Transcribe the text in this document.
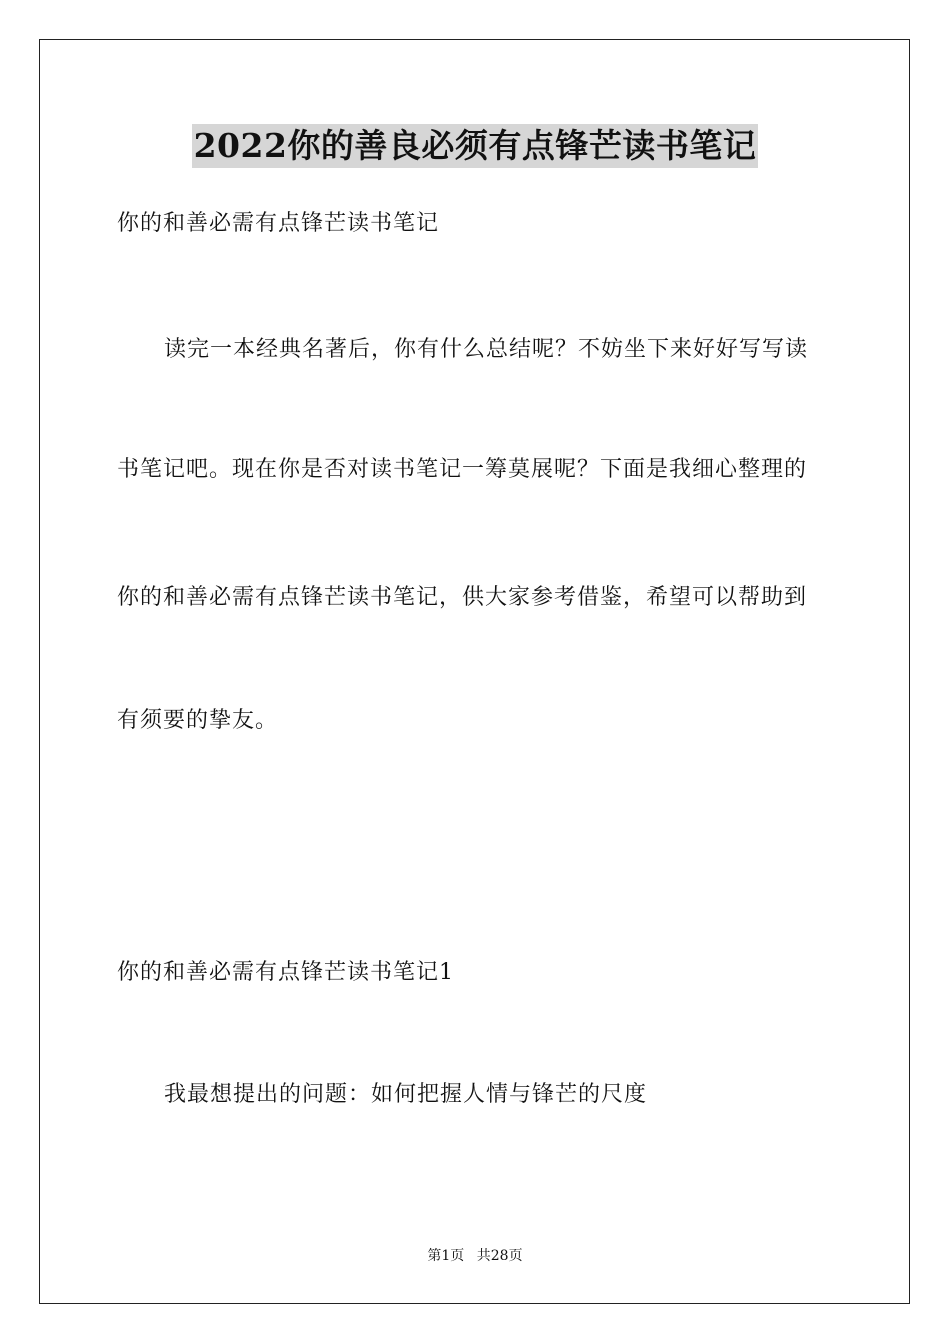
2022你的善良必须有点锋芒读书笔记
你的和善必需有点锋芒读书笔记
读完一本经典名著后，你有什么总结呢？不妨坐下来好好写写读
书笔记吧。现在你是否对读书笔记一筹莫展呢？下面是我细心整理的
你的和善必需有点锋芒读书笔记，供大家参考借鉴，希望可以帮助到
有须要的挚友。
你的和善必需有点锋芒读书笔记1
我最想提出的问题：如何把握人情与锋芒的尺度
第1页 共28页
